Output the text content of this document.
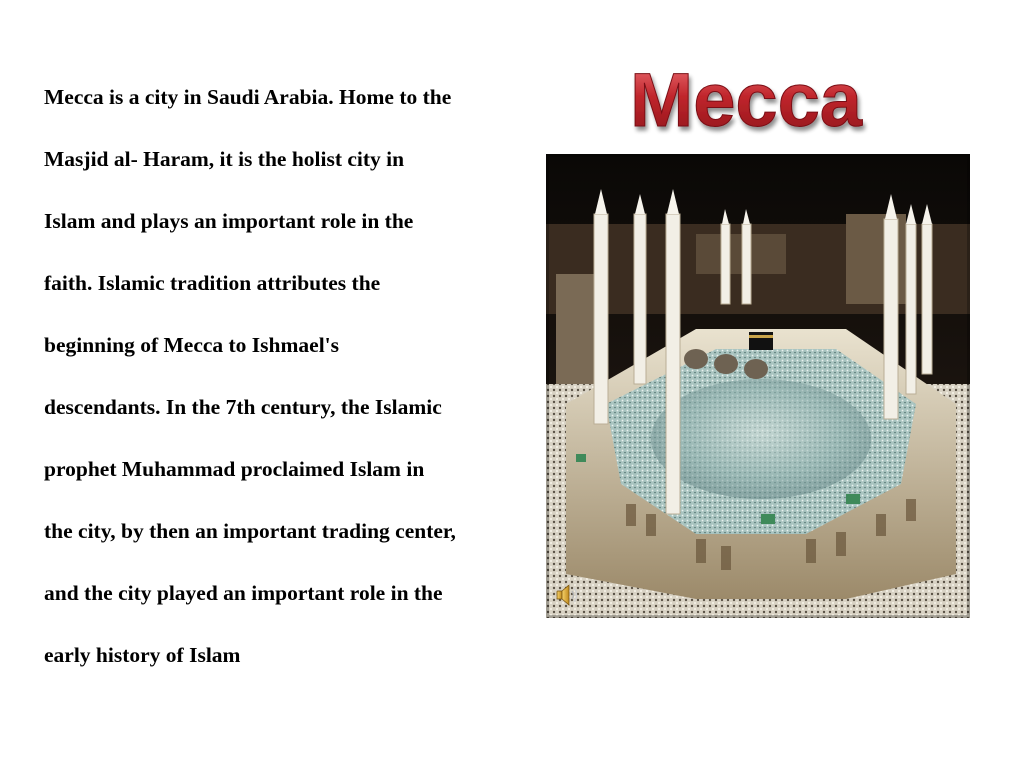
Mecca is a city in Saudi Arabia. Home to the
Masjid al- Haram, it is the holist city in
Islam and plays an important role in the
faith. Islamic tradition attributes the
beginning of Mecca to Ishmael's
descendants. In the 7th century, the Islamic
prophet Muhammad proclaimed Islam in
the city, by then an important trading center,
and the city played an important role in the
early history of Islam
Mecca
